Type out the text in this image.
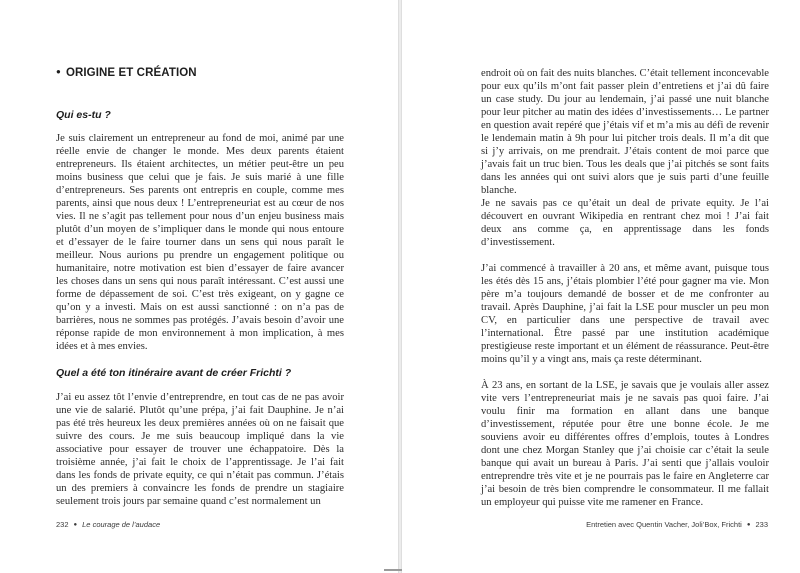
● ORIGINE ET CRÉATION
Qui es-tu ?

Je suis clairement un entrepreneur au fond de moi, animé par une réelle envie de changer le monde. Mes deux parents étaient entrepreneurs. Ils étaient architectes, un métier peut-être un peu moins business que celui que je fais. Je suis marié à une fille d’entrepreneurs. Ses parents ont entrepris en couple, comme mes parents, ainsi que nous deux ! L’entrepreneuriat est au cœur de nos vies. Il ne s’agit pas tellement pour nous d’un enjeu business mais plutôt d’un moyen de s’impliquer dans le monde qui nous entoure et d’essayer de le faire tourner dans un sens qui nous paraît le meilleur. Nous aurions pu prendre un engagement politique ou humanitaire, notre motivation est bien d’essayer de faire avancer les choses dans un sens qui nous paraît intéressant. C’est aussi une forme de dépassement de soi. C’est très exigeant, on y gagne ce qu’on y a investi. Mais on est aussi sanctionné : on n’a pas de barrières, nous ne sommes pas protégés. J’avais besoin d’avoir une réponse rapide de mon environnement à mon implication, à mes idées et à mes envies.

Quel a été ton itinéraire avant de créer Frichti ?

J’ai eu assez tôt l’envie d’entreprendre, en tout cas de ne pas avoir une vie de salarié. Plutôt qu’une prépa, j’ai fait Dauphine. Je n’ai pas été très heureux les deux premières années où on ne faisait que suivre des cours. Je me suis beaucoup impliqué dans la vie associative pour essayer de trouver une échappatoire. Dès la troisième année, j’ai fait le choix de l’apprentissage. Je l’ai fait dans les fonds de private equity, ce qui n’était pas commun. J’étais un des premiers à convaincre les fonds de prendre un stagiaire seulement trois jours par semaine quand c’est normalement un

232 ● Le courage de l’audace

endroit où on fait des nuits blanches. C’était tellement inconcevable pour eux qu’ils m’ont fait passer plein d’entretiens et j’ai dû faire un case study. Du jour au lendemain, j’ai passé une nuit blanche pour leur pitcher au matin des idées d’investissements… Le partner en question avait repéré que j’étais vif et m’a mis au défi de revenir le lendemain matin à 9h pour lui pitcher trois deals. Il m’a dit que si j’y arrivais, on me prendrait. J’étais content de moi parce que j’avais fait un truc bien. Tous les deals que j’ai pitchés se sont faits dans les années qui ont suivi alors que je suis parti d’une feuille blanche.

Je ne savais pas ce qu’était un deal de private equity. Je l’ai découvert en ouvrant Wikipedia en rentrant chez moi ! J’ai fait deux ans comme ça, en apprentissage dans les fonds d’investissement.

J’ai commencé à travailler à 20 ans, et même avant, puisque tous les étés dès 15 ans, j’étais plombier l’été pour gagner ma vie. Mon père m’a toujours demandé de bosser et de me confronter au travail. Après Dauphine, j’ai fait la LSE pour muscler un peu mon CV, en particulier dans une perspective de travail avec l’international. Être passé par une institution académique prestigieuse reste important et un élément de réassurance. Peut-être moins qu’il y a vingt ans, mais ça reste déterminant.

À 23 ans, en sortant de la LSE, je savais que je voulais aller assez vite vers l’entrepreneuriat mais je ne savais pas quoi faire. J’ai voulu finir ma formation en allant dans une banque d’investissement, réputée pour être une bonne école. Je me souviens avoir eu différentes offres d’emplois, toutes à Londres dont une chez Morgan Stanley que j’ai choisie car c’était la seule banque qui avait un bureau à Paris. J’ai senti que j’allais vouloir entreprendre très vite et je ne pourrais pas le faire en Angleterre car j’ai besoin de très bien comprendre le consommateur. Il me fallait un employeur qui puisse vite me ramener en France.

Entretien avec Quentin Vacher, Joli’Box, Frichti ● 233
